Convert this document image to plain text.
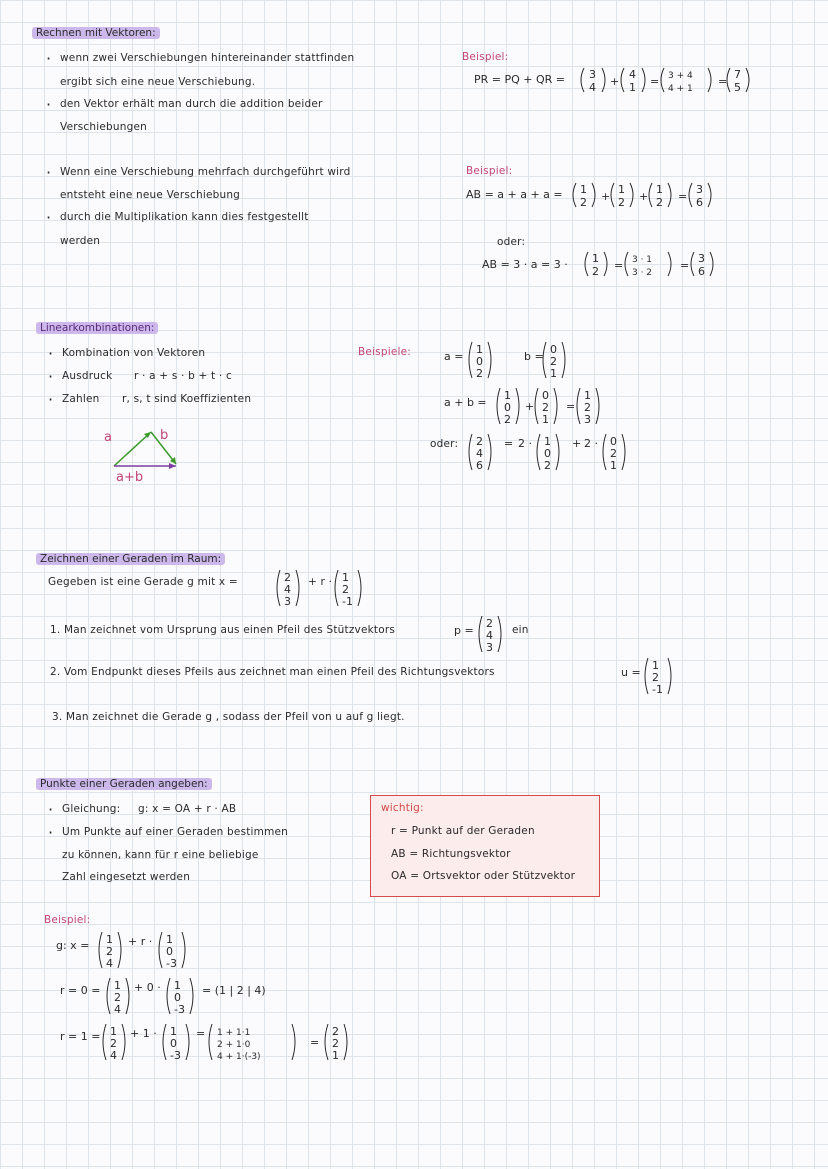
Rechnen mit Vektoren:
· wenn zwei Verschiebungen hintereinander stattfinden
ergibt sich eine neue Verschiebung.
· den Vektor erhält man durch die addition beider
Verschiebungen
Beispiel:
PR = PQ + QR = 3
4 +
4
1 = 3 + 4
4 + 1
=
7
5
· Wenn eine Verschiebung mehrfach durchgeführt wird
entsteht eine neue Verschiebung
· durch die Multiplikation kann dies festgestellt
werden
Beispiel:
AB = a + a + a = 1
2 +
1
2 +
1
2 =
3
6
oder:
AB = 3 · a = 3 · 1
2 = 3 · 1
3 · 2
=
3
6
Linearkombinationen:
· Kombination von Vektoren
· Ausdruck r · a + s · b + t · c
· Zahlen r, s, t sind Koeffizienten
a	b
a+b
Beispiele:	a =
1
0
2
b =
0
2
1
a + b =
1
0
2
+
0
2
1
=
1
2
3
oder: 2
4
6
= 2 · 1
0
2
+ 2 · 0
2
1
Zeichnen einer Geraden im Raum:
Gegeben ist eine Gerade g mit x =	2
4
3
+ r · 1
2
-1
1. Man zeichnet vom Ursprung aus einen Pfeil des Stützvektors	p =
2
4
3
ein
2. Vom Endpunkt dieses Pfeils aus zeichnet man einen Pfeil des Richtungsvektors	u =
1
2
-1
3. Man zeichnet die Gerade g , sodass der Pfeil von u auf g liegt.
Punkte einer Geraden angeben:
· Gleichung: g: x = OA + r · AB
· Um Punkte auf einer Geraden bestimmen
zu können, kann für r eine beliebige
Zahl eingesetzt werden
wichtig:
r = Punkt auf der Geraden
AB = Richtungsvektor
OA = Ortsvektor oder Stützvektor
Beispiel:
g: x = 1
2
4
+ r · 1
0
-3
r = 0 = 1
2
4
+ 0 · 1
0
-3
= (1 | 2 | 4)
r = 1 = 1
2
4
+ 1 · 1
0
-3
= 1 + 1·1
2 + 1·0
4 + 1·(-3)
=
2
2
1
